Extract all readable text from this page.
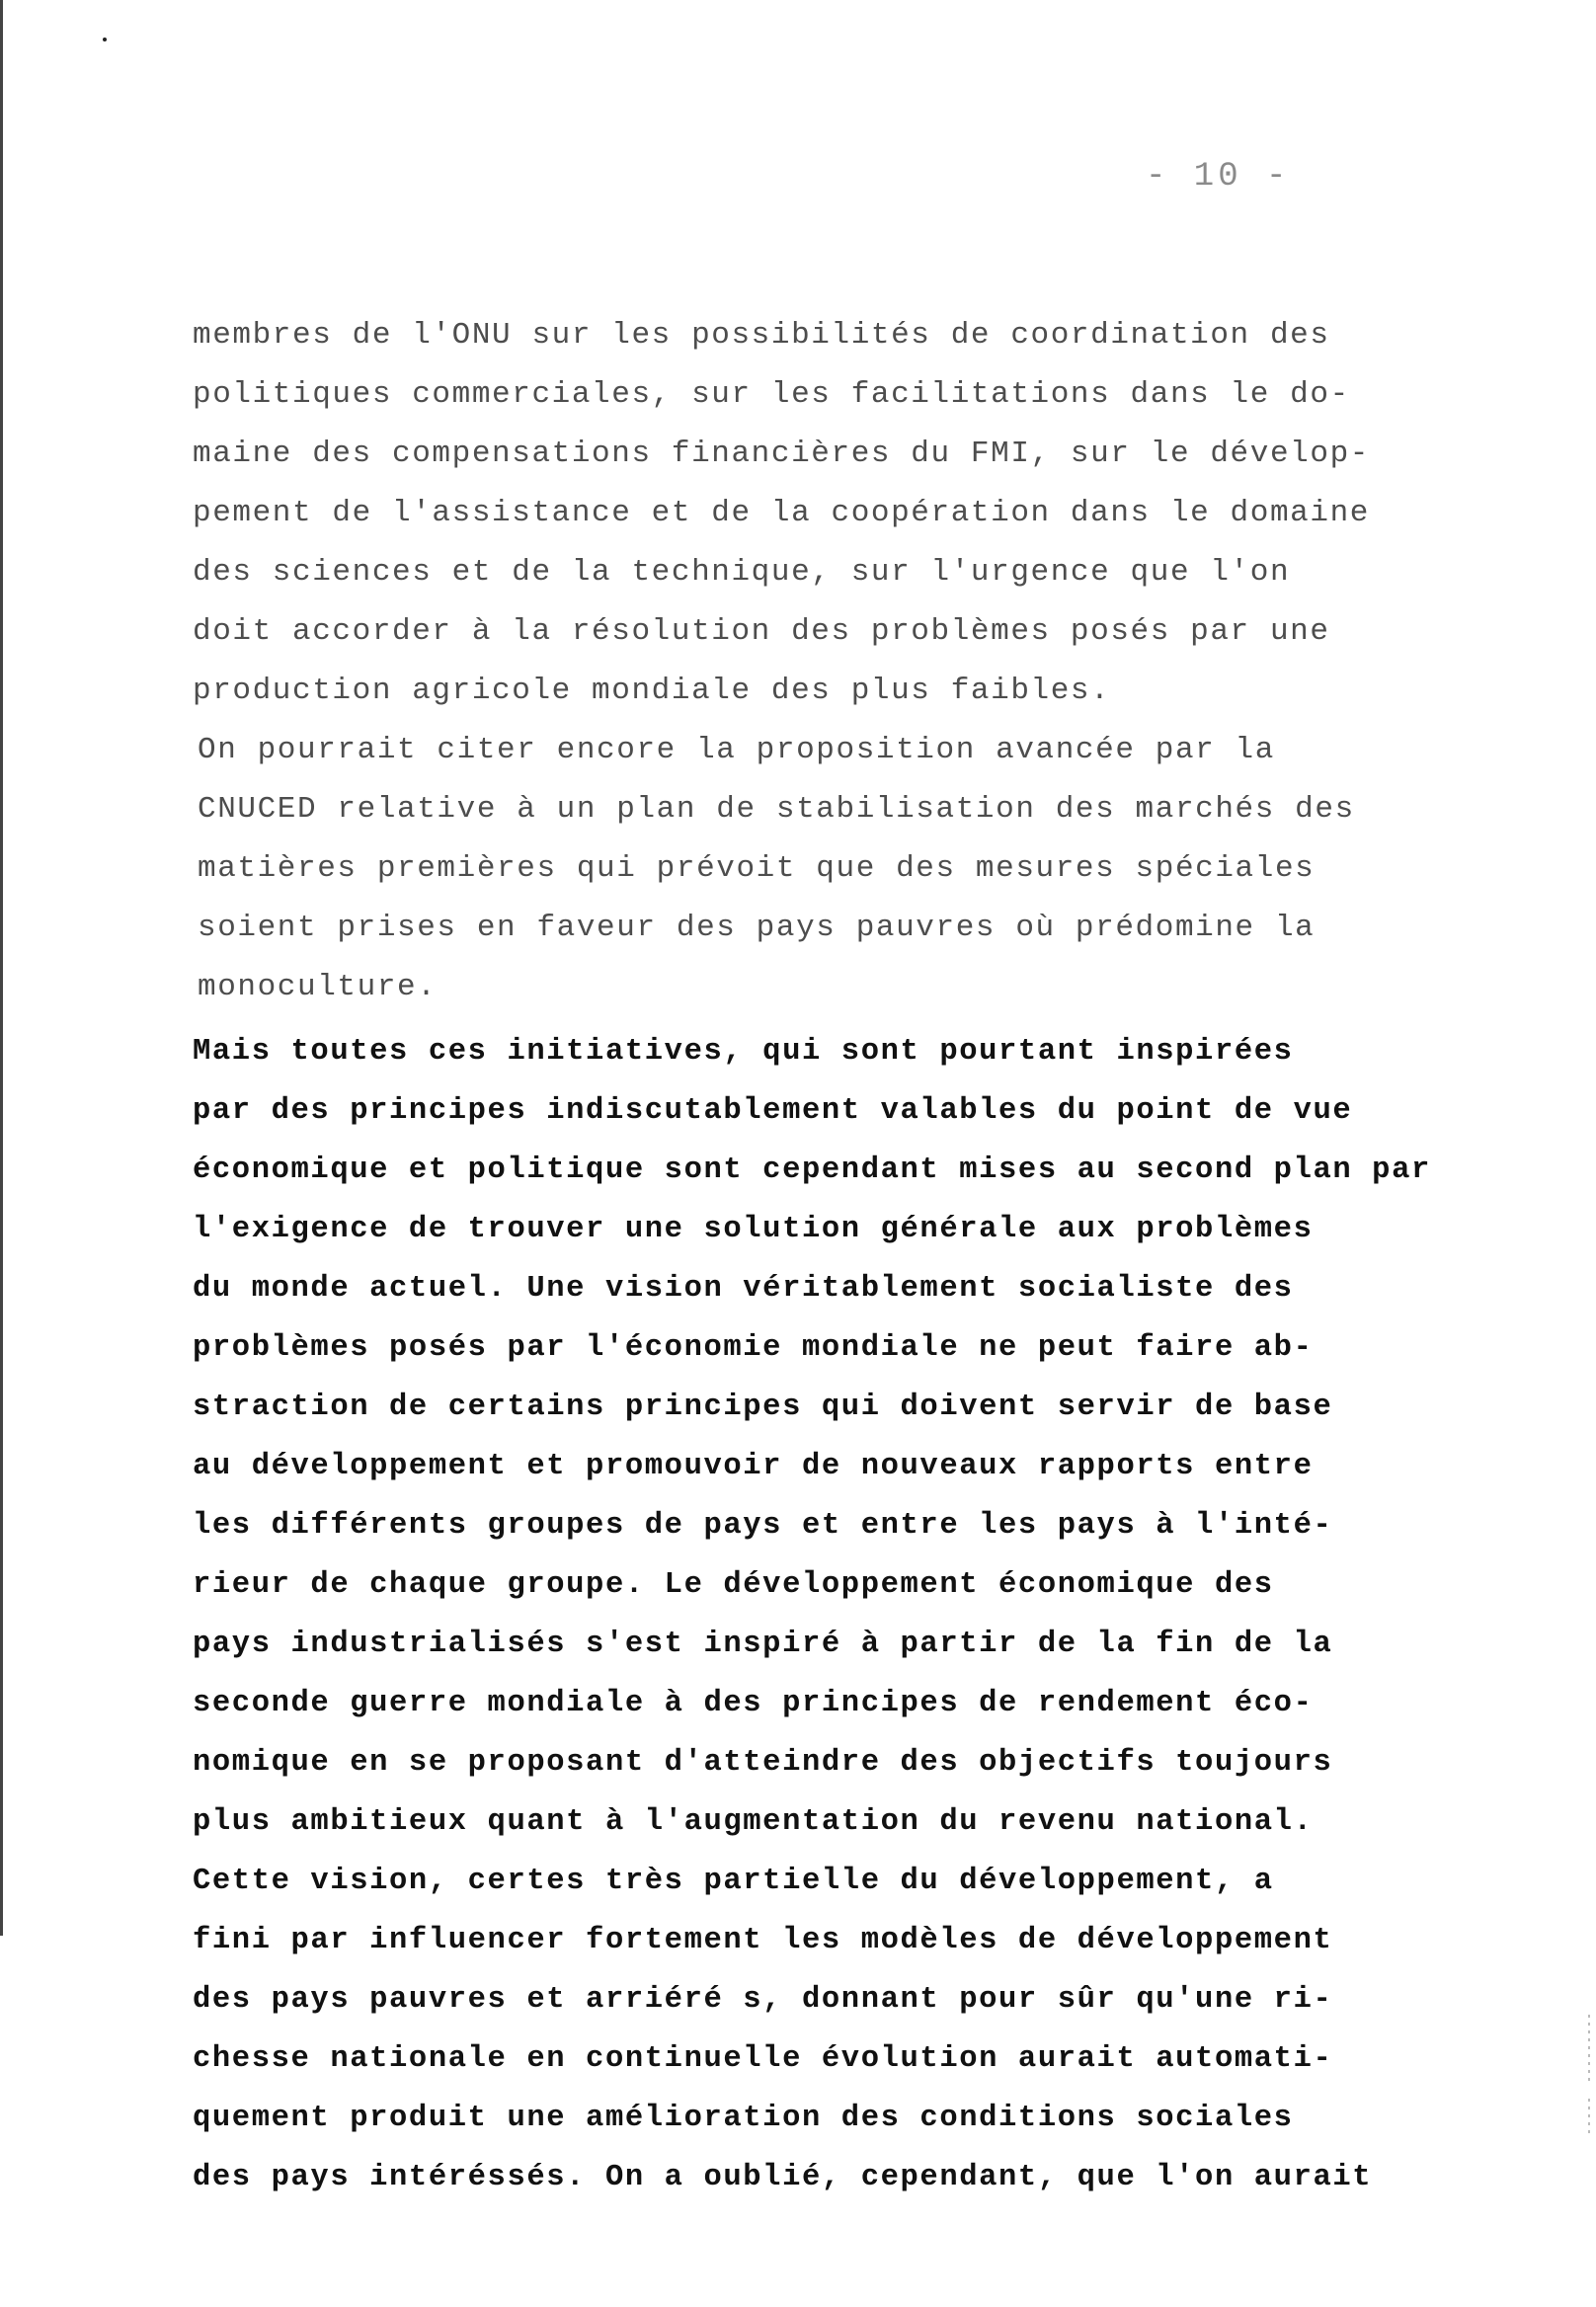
- 10 -
membres de l'ONU sur les possibilités de coordination des
politiques commerciales, sur les facilitations dans le do-
maine des compensations financières du FMI, sur le dévelop-
pement de l'assistance et de la coopération dans le domaine
des sciences et de la technique, sur l'urgence que l'on
doit accorder à la résolution des problèmes posés par une
production agricole mondiale des plus faibles.
On pourrait citer encore la proposition avancée par la
CNUCED relative à un plan de stabilisation des marchés des
matières premières qui prévoit que des mesures spéciales
soient prises en faveur des pays pauvres où prédomine la
monoculture.
Mais toutes ces initiatives, qui sont pourtant inspirées
par des principes indiscutablement valables du point de vue
économique et politique sont cependant mises au second plan par
l'exigence de trouver une solution générale aux problèmes
du monde actuel. Une vision véritablement socialiste des
problèmes posés par l'économie mondiale ne peut faire ab-
straction de certains principes qui doivent servir de base
au développement et promouvoir de nouveaux rapports entre
les différents groupes de pays et entre les pays à l'inté-
rieur de chaque groupe. Le développement économique des
pays industrialisés s'est inspiré à partir de la fin de la
seconde guerre mondiale à des principes de rendement éco-
nomique en se proposant d'atteindre des objectifs toujours
plus ambitieux quant à l'augmentation du revenu national.
Cette vision, certes très partielle du développement, a
fini par influencer fortement les modèles de développement
des pays pauvres et arriéré s, donnant pour sûr qu'une ri-
chesse nationale en continuelle évolution aurait automati-
quement produit une amélioration des conditions sociales
des pays intéréssés. On a oublié, cependant, que l'on aurait
